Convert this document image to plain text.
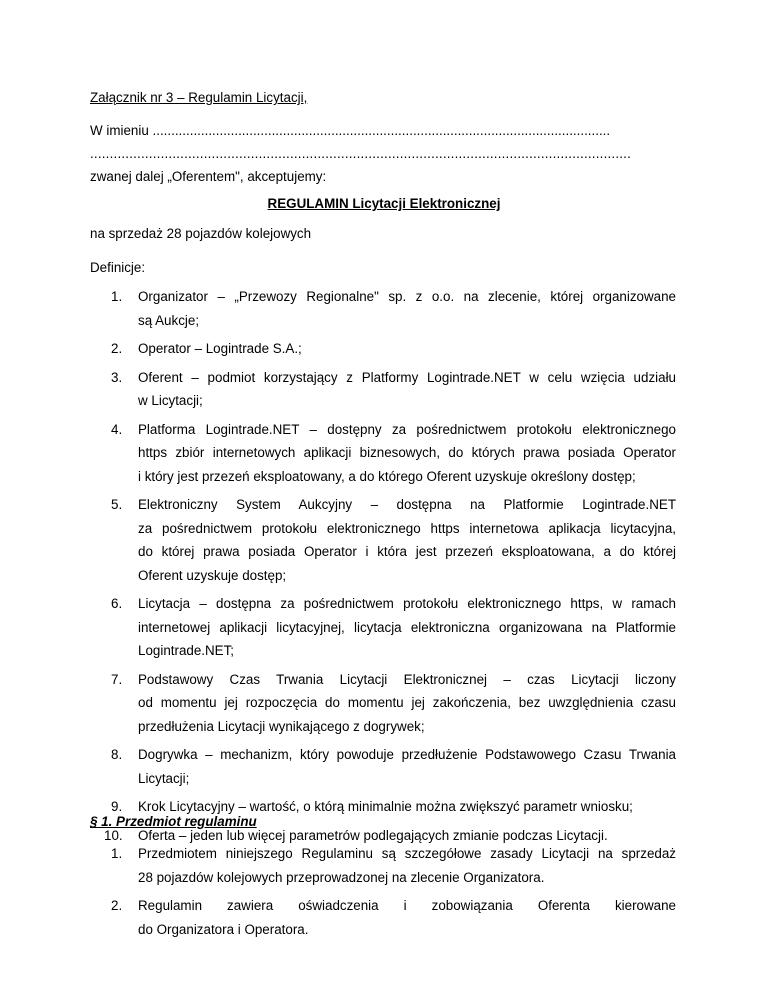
Załącznik nr 3 – Regulamin Licytacji,
W imieniu ...........................................................................................................................
..........................................................................................................................................
zwanej dalej „Oferentem", akceptujemy:
REGULAMIN Licytacji Elektronicznej
na sprzedaż 28 pojazdów kolejowych
Definicje:
1. Organizator – „Przewozy Regionalne" sp. z o.o. na zlecenie, której organizowane
są Aukcje;
2. Operator – Logintrade S.A.;
3. Oferent – podmiot korzystający z Platformy Logintrade.NET w celu wzięcia udziału
w Licytacji;
4. Platforma Logintrade.NET – dostępny za pośrednictwem protokołu elektronicznego
https zbiór internetowych aplikacji biznesowych, do których prawa posiada Operator
i który jest przezeń eksploatowany, a do którego Oferent uzyskuje określony dostęp;
5. Elektroniczny System Aukcyjny – dostępna na Platformie Logintrade.NET
za pośrednictwem protokołu elektronicznego https internetowa aplikacja licytacyjna,
do której prawa posiada Operator i która jest przezeń eksploatowana, a do której
Oferent uzyskuje dostęp;
6. Licytacja – dostępna za pośrednictwem protokołu elektronicznego https, w ramach
internetowej aplikacji licytacyjnej, licytacja elektroniczna organizowana na Platformie
Logintrade.NET;
7. Podstawowy Czas Trwania Licytacji Elektronicznej – czas Licytacji liczony
od momentu jej rozpoczęcia do momentu jej zakończenia, bez uwzględnienia czasu
przedłużenia Licytacji wynikającego z dogrywek;
8. Dogrywka – mechanizm, który powoduje przedłużenie Podstawowego Czasu Trwania
Licytacji;
9. Krok Licytacyjny – wartość, o którą minimalnie można zwiększyć parametr wniosku;
10. Oferta – jeden lub więcej parametrów podlegających zmianie podczas Licytacji.
§ 1. Przedmiot regulaminu
1. Przedmiotem niniejszego Regulaminu są szczegółowe zasady Licytacji na sprzedaż
28 pojazdów kolejowych przeprowadzonej na zlecenie Organizatora.
2. Regulamin zawiera oświadczenia i zobowiązania Oferenta kierowane
do Organizatora i Operatora.
